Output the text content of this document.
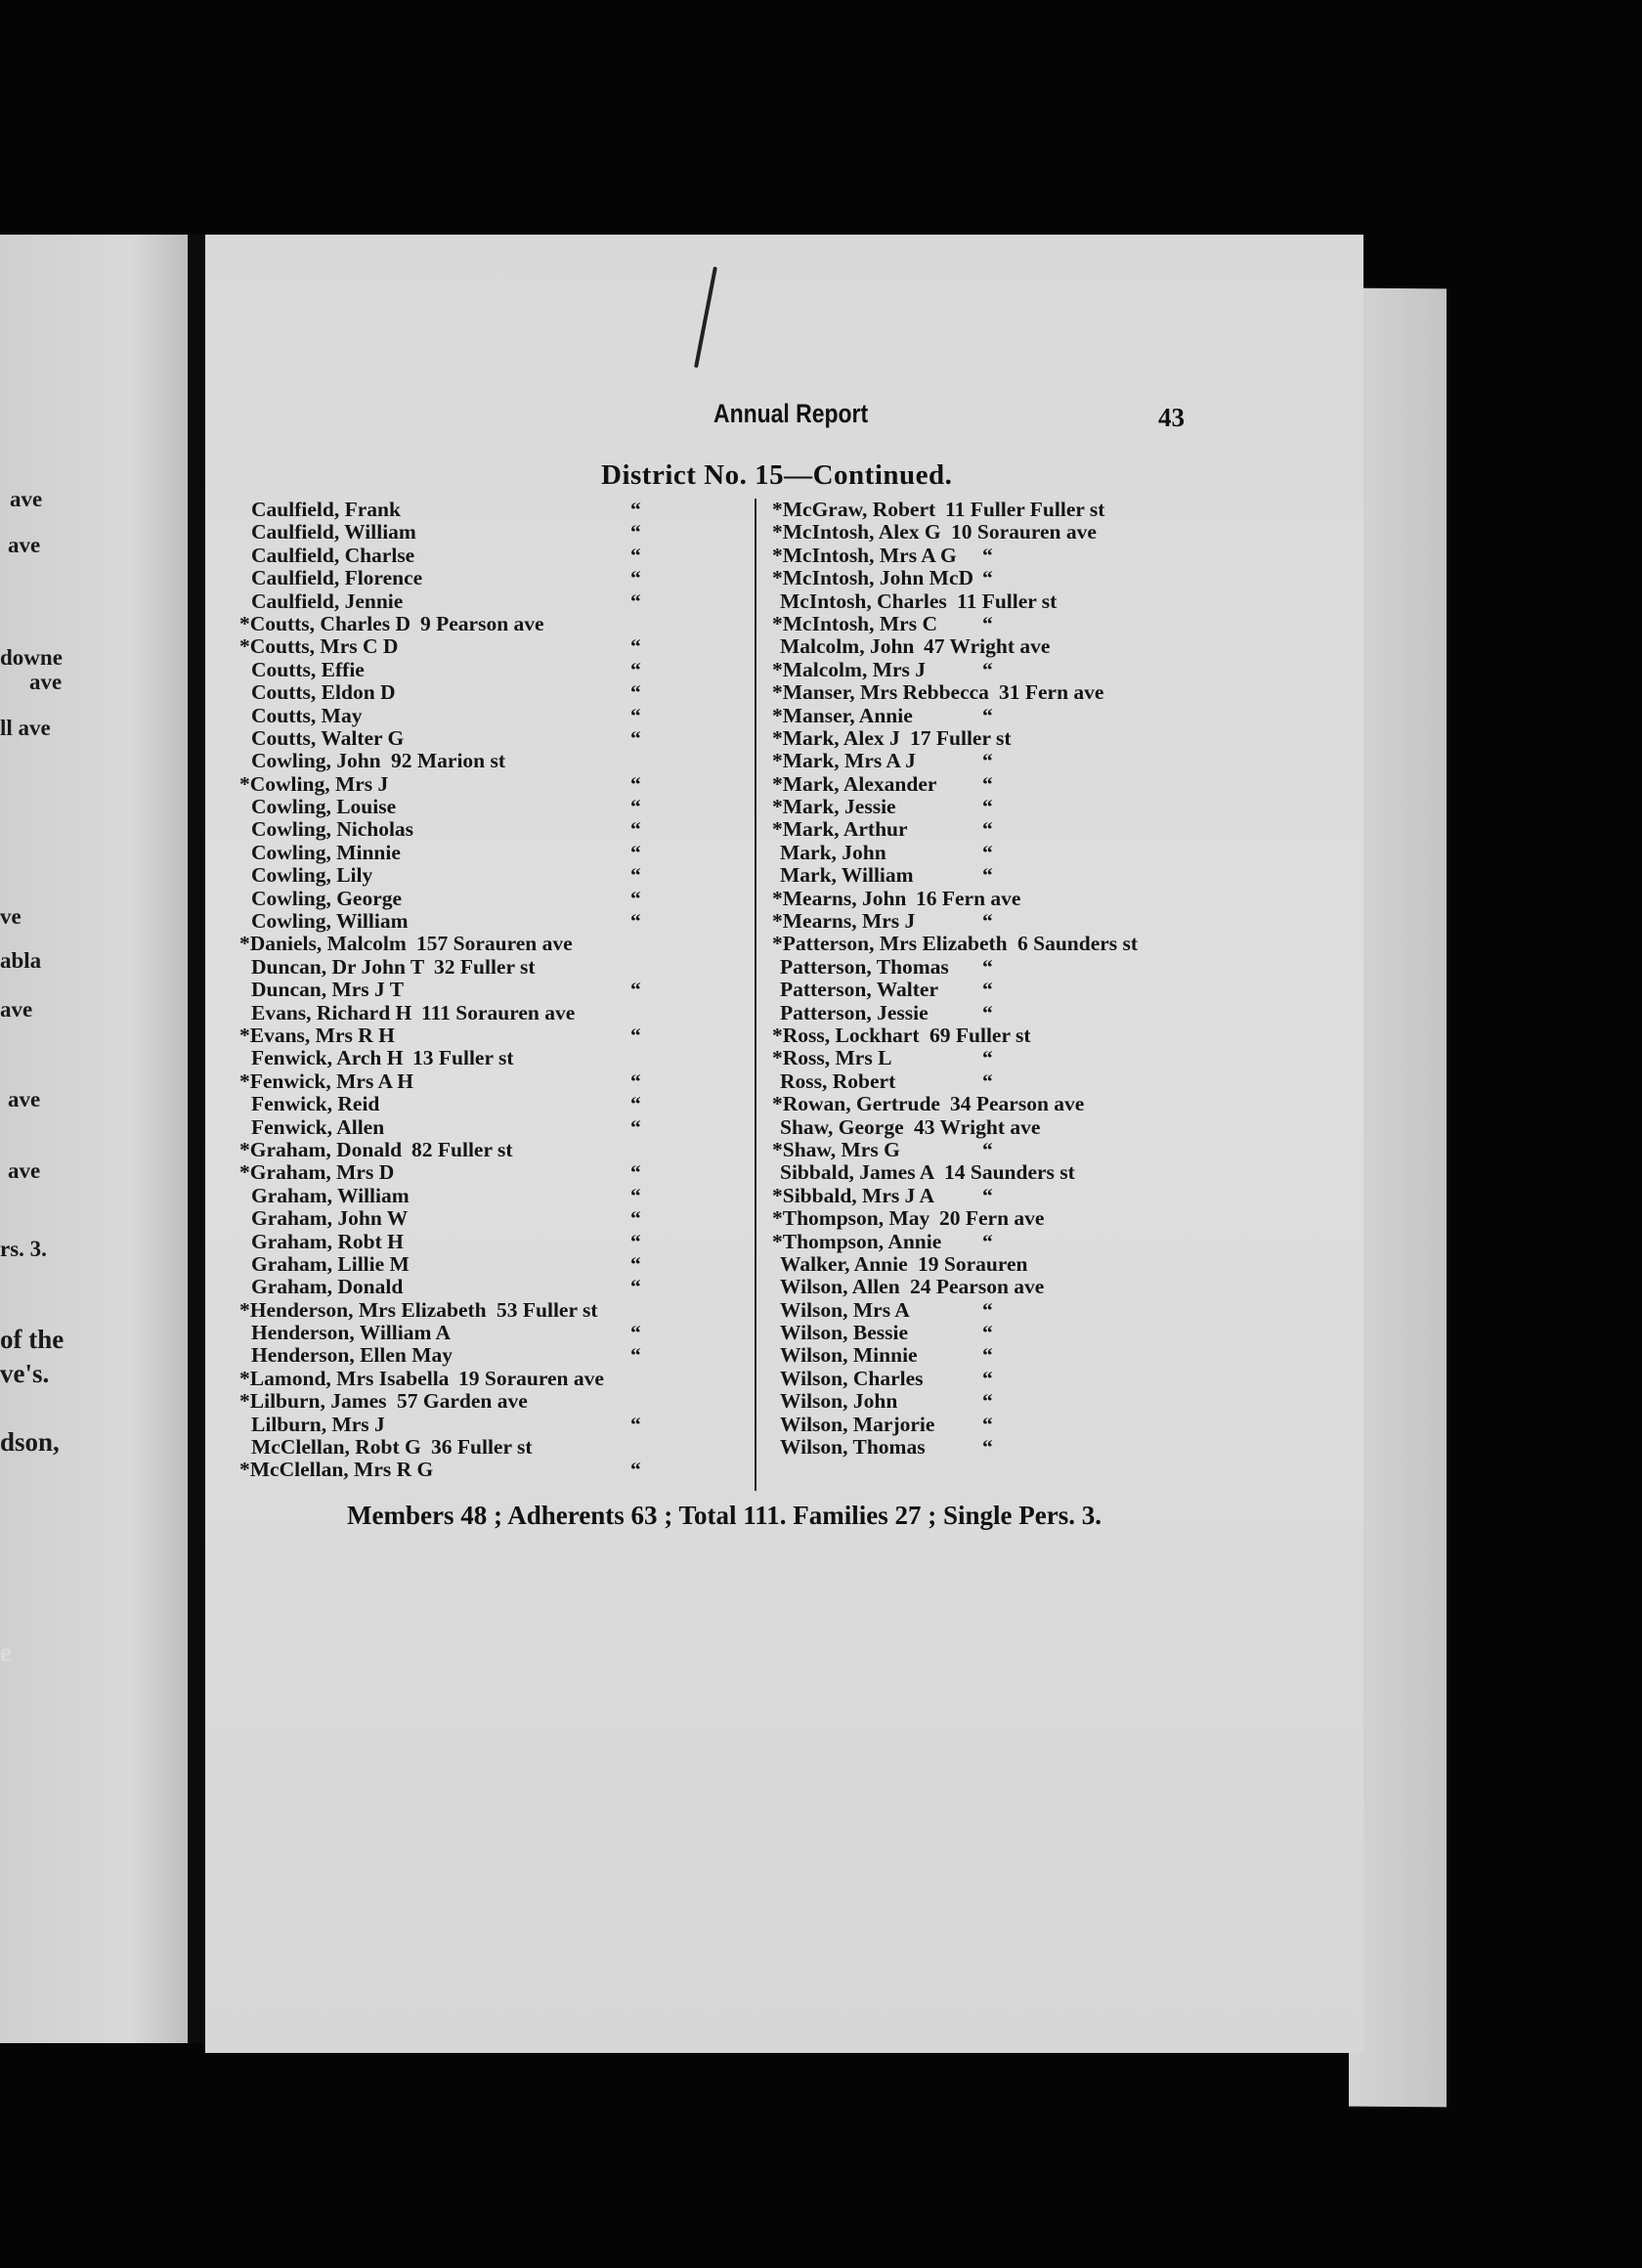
ave
ave
downe
ave
ll ave
ve
abla
ave
ave
ave
rs. 3.
of the
ve's.
dson,
e
Annual Report	43
District No. 15—Continued.
Caulfield, Frank	“
Caulfield, William	“
Caulfield, Charlse	“
Caulfield, Florence	“
Caulfield, Jennie	“
*Coutts, Charles D 9 Pearson ave
*Coutts, Mrs C D	“
Coutts, Effie	“
Coutts, Eldon D	“
Coutts, May	“
Coutts, Walter G	“
Cowling, John 92 Marion st
*Cowling, Mrs J	“
Cowling, Louise	“
Cowling, Nicholas	“
Cowling, Minnie	“
Cowling, Lily	“
Cowling, George	“
Cowling, William	“
*Daniels, Malcolm 157 Sorauren ave
Duncan, Dr John T 32 Fuller st
Duncan, Mrs J T	“
Evans, Richard H 111 Sorauren ave
*Evans, Mrs R H	“
Fenwick, Arch H 13 Fuller st
*Fenwick, Mrs A H	“
Fenwick, Reid	“
Fenwick, Allen	“
*Graham, Donald 82 Fuller st
*Graham, Mrs D	“
Graham, William	“
Graham, John W	“
Graham, Robt H	“
Graham, Lillie M	“
Graham, Donald	“
*Henderson, Mrs Elizabeth 53 Fuller st
Henderson, William A	“
Henderson, Ellen May	“
*Lamond, Mrs Isabella 19 Sorauren ave
*Lilburn, James 57 Garden ave
Lilburn, Mrs J	“
McClellan, Robt G 36 Fuller st
*McClellan, Mrs R G	“
*McGraw, Robert 11 Fuller Fuller st
*McIntosh, Alex G 10 Sorauren ave
*McIntosh, Mrs A G “
*McIntosh, John McD “
McIntosh, Charles 11 Fuller st
*McIntosh, Mrs C “
Malcolm, John 47 Wright ave
*Malcolm, Mrs J	“
*Manser, Mrs Rebbecca 31 Fern ave
*Manser, Annie	“
*Mark, Alex J 17 Fuller st
*Mark, Mrs A J	“
*Mark, Alexander “
*Mark, Jessie	“
*Mark, Arthur	“
Mark, John	“
Mark, William	“
*Mearns, John 16 Fern ave
*Mearns, Mrs J	“
*Patterson, Mrs Elizabeth 6 Saunders st
Patterson, Thomas “
Patterson, Walter “
Patterson, Jessie	“
*Ross, Lockhart 69 Fuller st
*Ross, Mrs L	“
Ross, Robert	“
*Rowan, Gertrude 34 Pearson ave
Shaw, George 43 Wright ave
*Shaw, Mrs G	“
Sibbald, James A 14 Saunders st
*Sibbald, Mrs J A “
*Thompson, May 20 Fern ave
*Thompson, Annie “
Walker, Annie 19 Sorauren
Wilson, Allen 24 Pearson ave
Wilson, Mrs A	“
Wilson, Bessie	“
Wilson, Minnie	“
Wilson, Charles	“
Wilson, John	“
Wilson, Marjorie “
Wilson, Thomas	“
Members 48 ; Adherents 63 ; Total 111. Families 27 ; Single Pers. 3.
